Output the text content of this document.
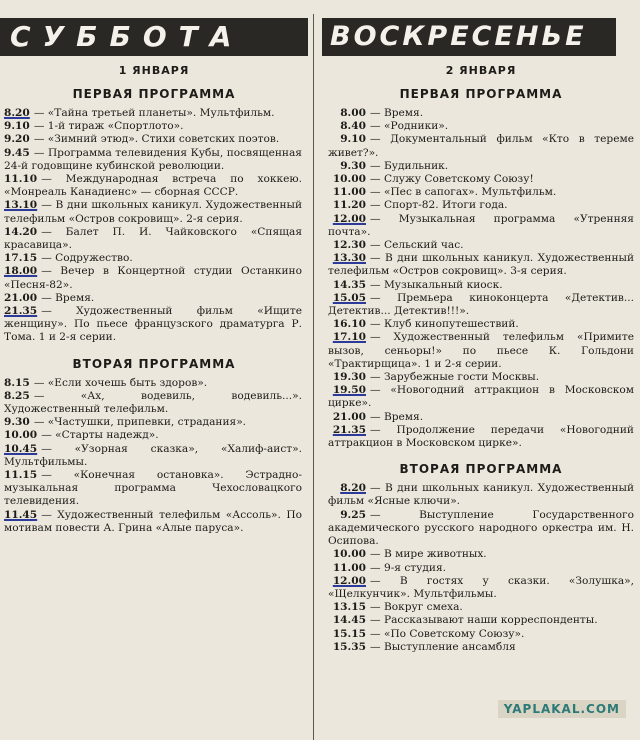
СУББОТА
1 ЯНВАРЯ
ПЕРВАЯ ПРОГРАММА

8.20 — «Тайна третьей планеты». Мультфильм.

9.10 — 1-й тираж «Спортлото».

9.20 — «Зимний этюд». Стихи советских поэтов.

9.45 — Программа телевидения Кубы, посвященная 24-й годовщине кубинской революции.

11.10 — Международная встреча по хоккею. «Монреаль Канадиенс» — сборная СССР.

13.10 — В дни школьных каникул. Художественный телефильм «Остров сокровищ». 2-я серия.

14.20 — Балет П. И. Чайковского «Спящая красавица».

17.15 — Содружество.

18.00 — Вечер в Концертной студии Останкино «Песня-82».

21.00 — Время.

21.35 — Художественный фильм «Ищите женщину». По пьесе французского драматурга Р. Тома. 1 и 2-я серии.

ВТОРАЯ ПРОГРАММА

8.15 — «Если хочешь быть здоров».

8.25 — «Ах, водевиль, водевиль...». Художественный телефильм.

9.30 — «Частушки, припевки, страдания».

10.00 — «Старты надежд».

10.45 — «Узорная сказка», «Халиф-аист». Мультфильмы.

11.15 — «Конечная остановка». Эстрадно-музыкальная программа Чехословацкого телевидения.

11.45 — Художественный телефильм «Ассоль». По мотивам повести А. Грина «Алые паруса».

ВОСКРЕСЕНЬЕ
2 ЯНВАРЯ
ПЕРВАЯ ПРОГРАММА

8.00 — Время.

8.40 — «Родники».

9.10 — Документальный фильм «Кто в тереме живет?».

9.30 — Будильник.

10.00 — Служу Советскому Союзу!

11.00 — «Пес в сапогах». Мультфильм.

11.20 — Спорт-82. Итоги года.

12.00 — Музыкальная программа «Утренняя почта».

12.30 — Сельский час.

13.30 — В дни школьных каникул. Художественный телефильм «Остров сокровищ». 3-я серия.

14.35 — Музыкальный киоск.

15.05 — Премьера киноконцерта «Детектив... Детектив... Детектив!!!».

16.10 — Клуб кинопутешествий.

17.10 — Художественный телефильм «Примите вызов, сеньоры!» по пьесе К. Гольдони «Трактирщица». 1 и 2-я серии.

19.30 — Зарубежные гости Москвы.

19.50 — «Новогодний аттракцион в Московском цирке».

21.00 — Время.

21.35 — Продолжение передачи «Новогодний аттракцион в Московском цирке».

ВТОРАЯ ПРОГРАММА

8.20 — В дни школьных каникул. Художественный фильм «Ясные ключи».

9.25 — Выступление Государственного академического русского народного оркестра им. Н. Осипова.

10.00 — В мире животных.

11.00 — 9-я студия.

12.00 — В гостях у сказки. «Золушка», «Щелкунчик». Мультфильмы.

13.15 — Вокруг смеха.

14.45 — Рассказывают наши корреспонденты.

15.15 — «По Советскому Союзу».

15.35 — Выступление ансамбля

YAPLAKAL.COM
